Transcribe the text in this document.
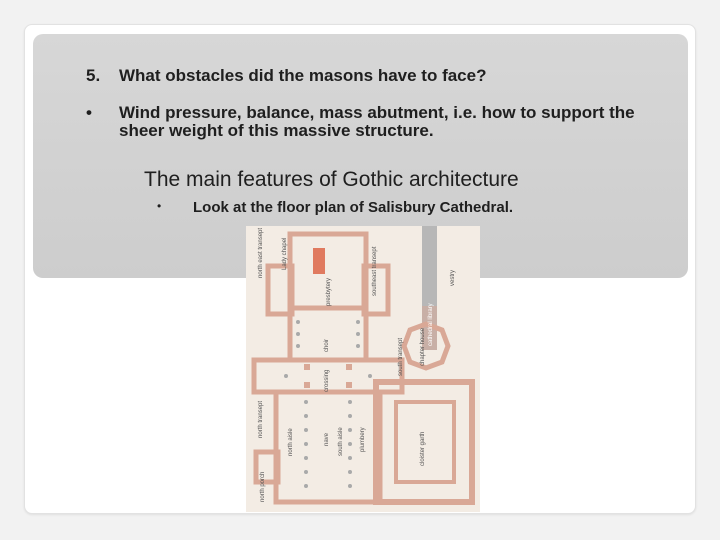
5. What obstacles did the masons have to face?
• Wind pressure, balance, mass abutment, i.e. how to support the sheer weight of this massive structure.
The main features of Gothic architecture
• Look at the floor plan of Salisbury Cathedral.
north east transept	Lady chapel
presbytery	southeast transept	vestry
cathedral library
choir
crossing
south transept	chapter house
north transept
north aisle	nave south aisle	plumbery	cloister garth
north porch
